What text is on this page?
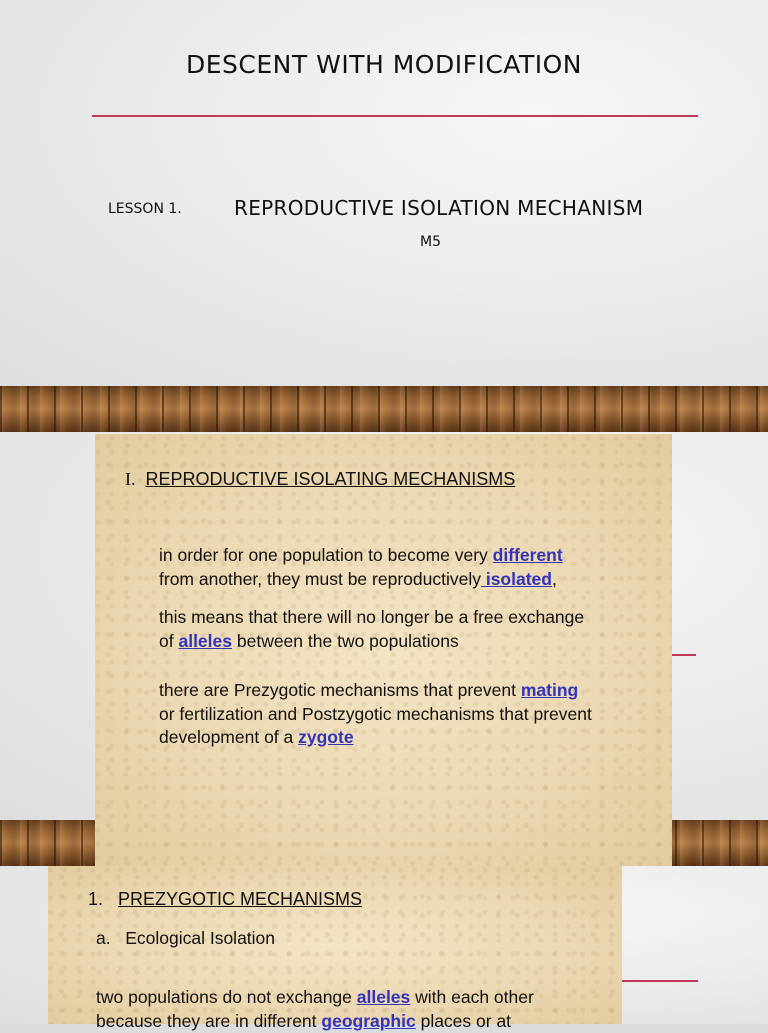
DESCENT WITH MODIFICATION
LESSON 1.	REPRODUCTIVE ISOLATION MECHANISM
M5
I. REPRODUCTIVE ISOLATING MECHANISMS
in order for one population to become very different
from another, they must be reproductively isolated,
this means that there will no longer be a free exchange
of alleles between the two populations
there are Prezygotic mechanisms that prevent mating
or fertilization and Postzygotic mechanisms that prevent
development of a zygote
1. PREZYGOTIC MECHANISMS
a. Ecological Isolation
two populations do not exchange alleles with each other
because they are in different geographic places or at
